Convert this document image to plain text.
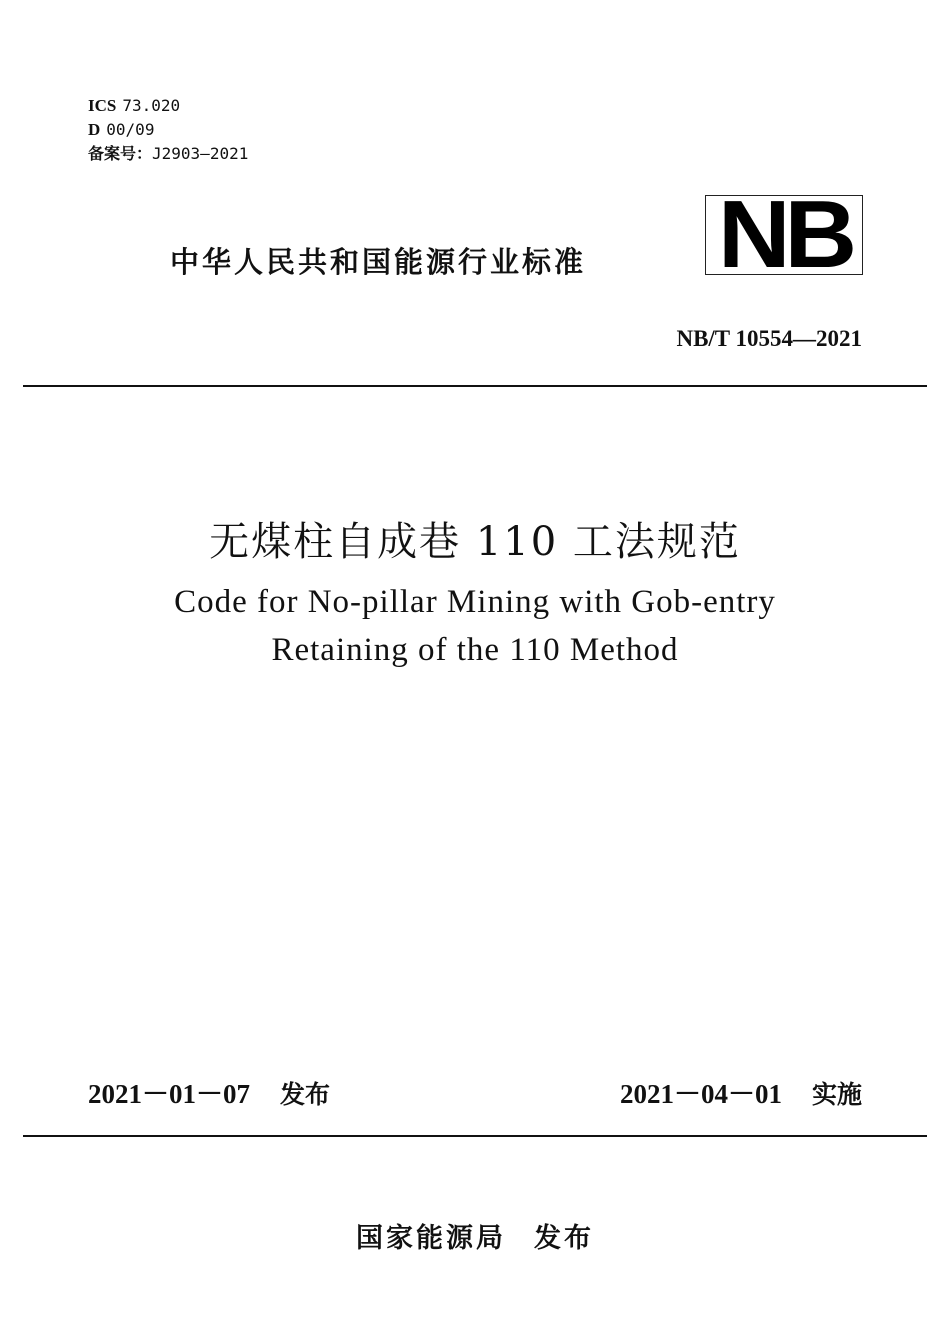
ICS 73.020
D 00/09
备案号：J2903—2021
中华人民共和国能源行业标准 NB
NB/T 10554—2021
无煤柱自成巷 110 工法规范
Code for No-pillar Mining with Gob-entry
Retaining of the 110 Method
2021－01－07 发布	2021－04－01 实施
国家能源局 发布
